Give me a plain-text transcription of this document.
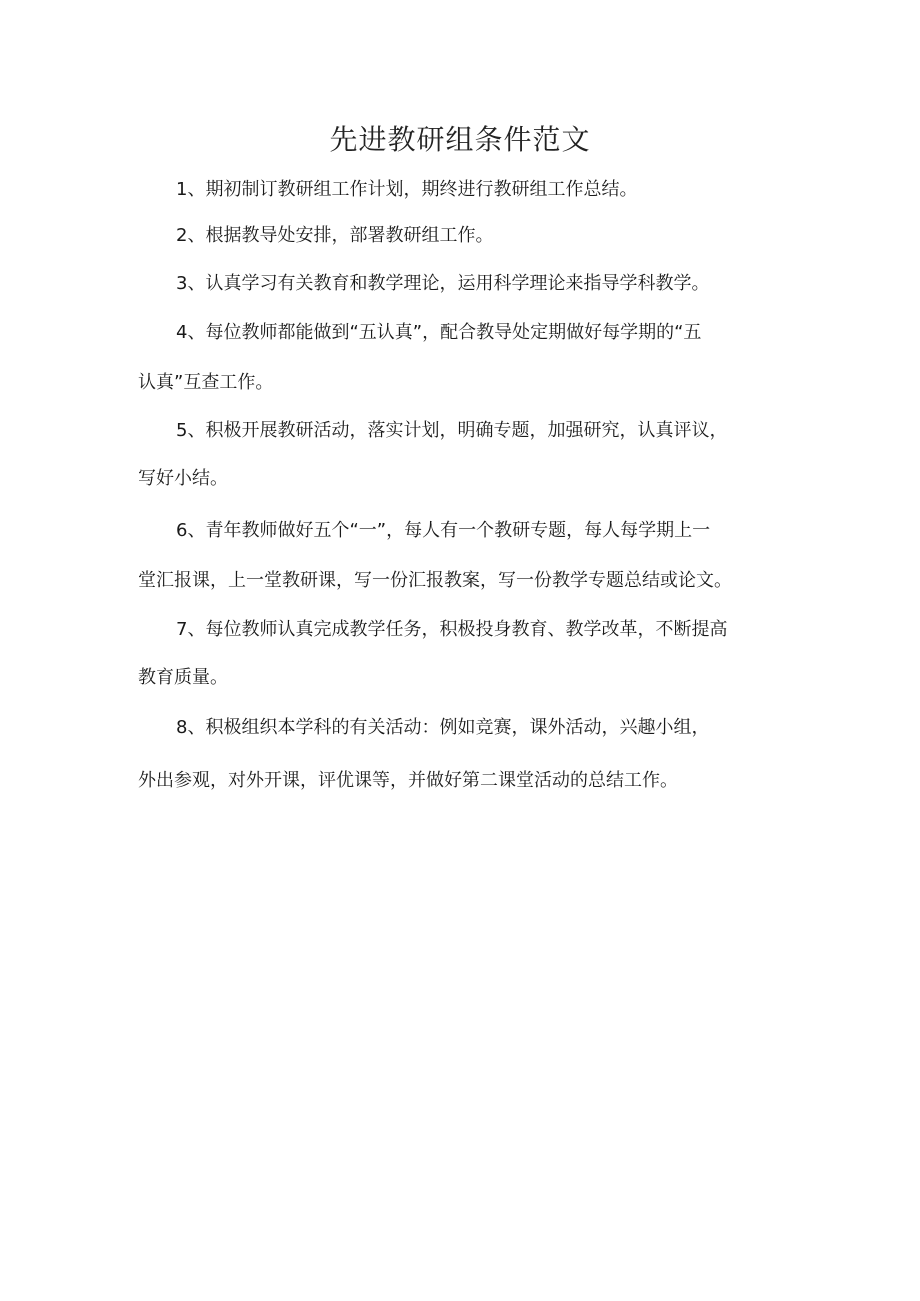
先进教研组条件范文
1、期初制订教研组工作计划，期终进行教研组工作总结。
2、根据教导处安排，部署教研组工作。
3、认真学习有关教育和教学理论，运用科学理论来指导学科教学。
4、每位教师都能做到“五认真”，配合教导处定期做好每学期的“五
认真”互查工作。
5、积极开展教研活动，落实计划，明确专题，加强研究，认真评议，
写好小结。
6、青年教师做好五个“一”，每人有一个教研专题，每人每学期上一
堂汇报课，上一堂教研课，写一份汇报教案，写一份教学专题总结或论文。
7、每位教师认真完成教学任务，积极投身教育、教学改革，不断提高
教育质量。
8、积极组织本学科的有关活动：例如竞赛，课外活动，兴趣小组，
外出参观，对外开课，评优课等，并做好第二课堂活动的总结工作。
